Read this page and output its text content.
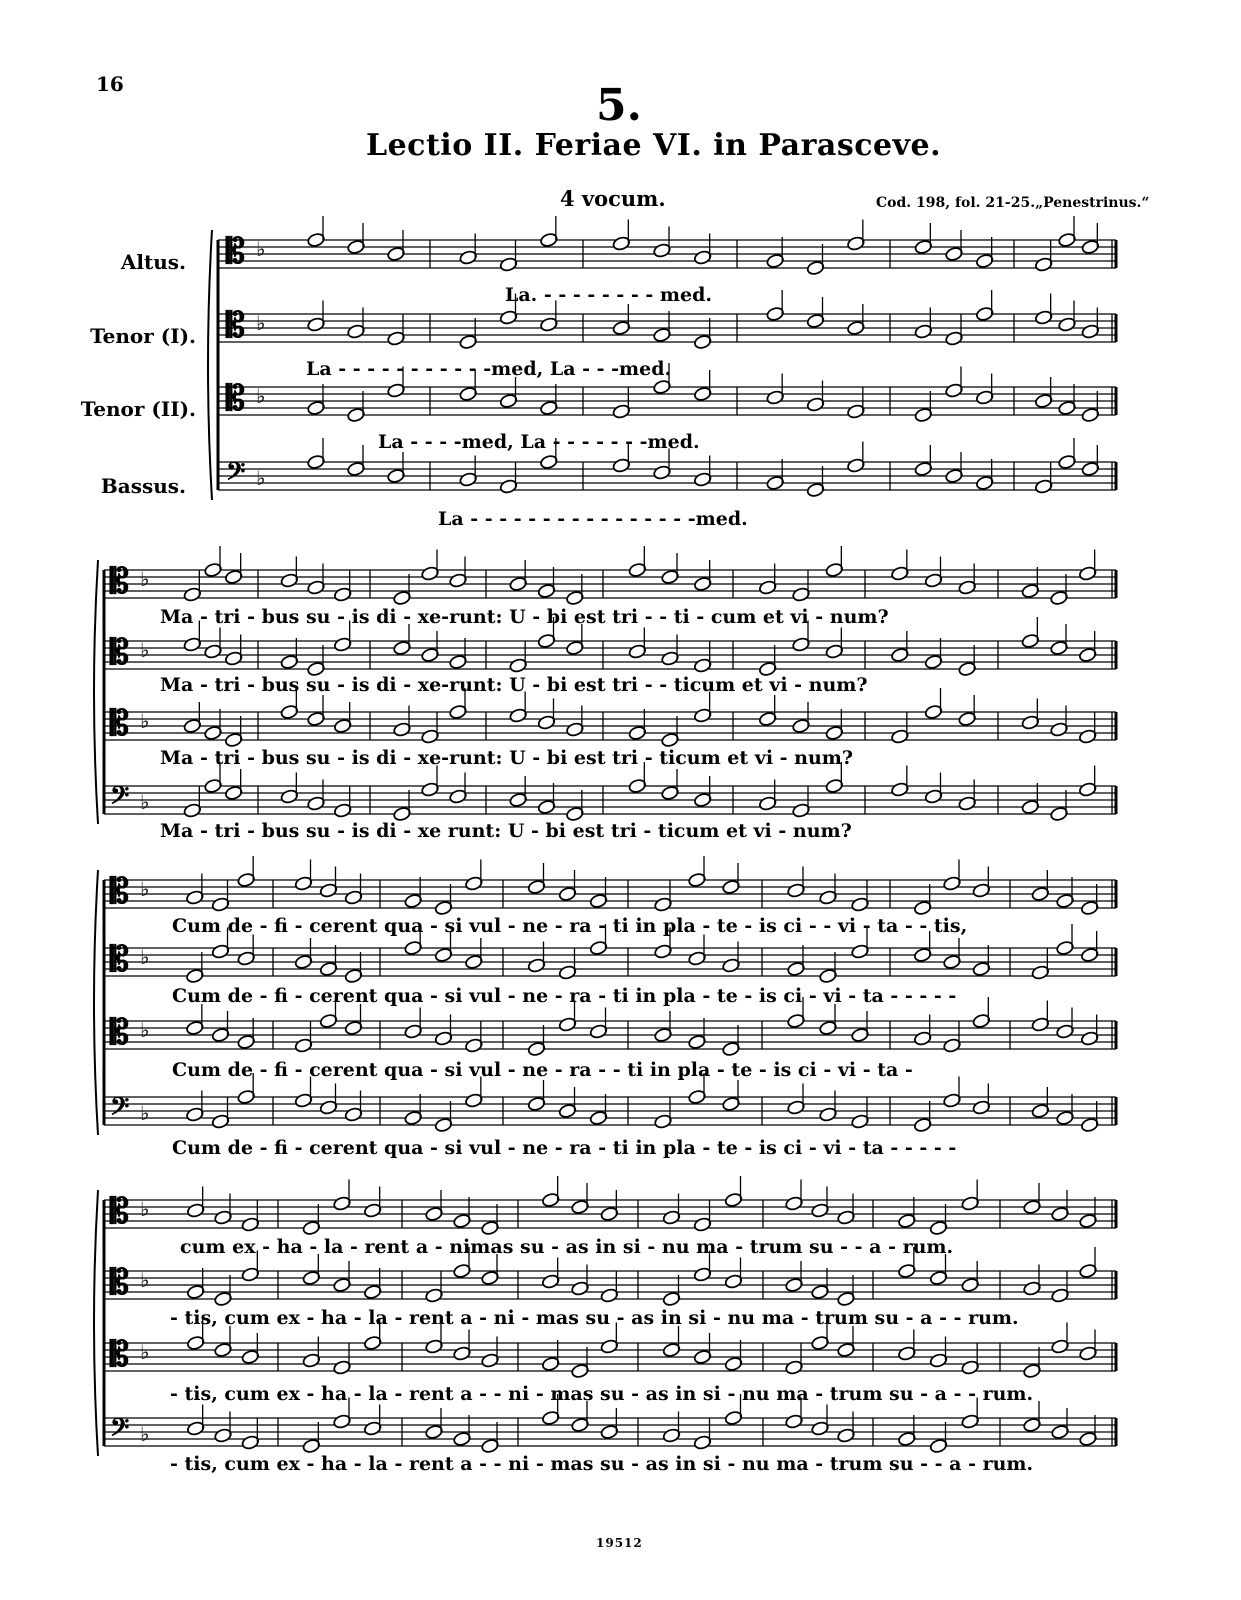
16	5.
Lectio II. Feriae VI. in Parasceve.
4 vocum.	Cod. 198, fol. 21-25.„Penestrinus.“
Altus.
Tenor (I).
Tenor (II).
Bassus.
𝄡 ♭
𝄡 ♭
𝄡 ♭
𝄢 ♭
𝄡 ♭
𝄡 ♭
𝄡 ♭
𝄢 ♭
𝄡 ♭
𝄡 ♭
𝄡 ♭
𝄢 ♭
𝄡 ♭
𝄡 ♭
𝄡 ♭
𝄢 ♭
La. - - - - - - - - med.
La - - - - - - - - - - -med, La - - -med.
La - - - -med, La - - - - - - -med.
La - - - - - - - - - - - - - - - -med.
Ma - tri - bus su - is di - xe-runt: U - bi est tri - - ti - cum et vi - num?
Ma - tri - bus su - is di - xe-runt: U - bi est tri - - ticum et vi - num?
Ma - tri - bus su - is di - xe-runt: U - bi est tri - ticum et vi - num?
Ma - tri - bus su - is di - xe runt: U - bi est tri - ticum et vi - num?
Cum de - fi - cerent qua - si vul - ne - ra - ti in pla - te - is ci - - vi - ta - - tis,
Cum de - fi - cerent qua - si vul - ne - ra - ti in pla - te - is ci - vi - ta - - - - -
Cum de - fi - cerent qua - si vul - ne - ra - - ti in pla - te - is ci - vi - ta -
Cum de - fi - cerent qua - si vul - ne - ra - ti in pla - te - is ci - vi - ta - - - - -
cum ex - ha - la - rent a - nimas su - as in si - nu ma - trum su - - a - rum.
- tis, cum ex - ha - la - rent a - ni - mas su - as in si - nu ma - trum su - a - - rum.
- tis, cum ex - ha - la - rent a - - ni - mas su - as in si - nu ma - trum su - a - - rum.
- tis, cum ex - ha - la - rent a - - ni - mas su - as in si - nu ma - trum su - - a - rum.
19512
